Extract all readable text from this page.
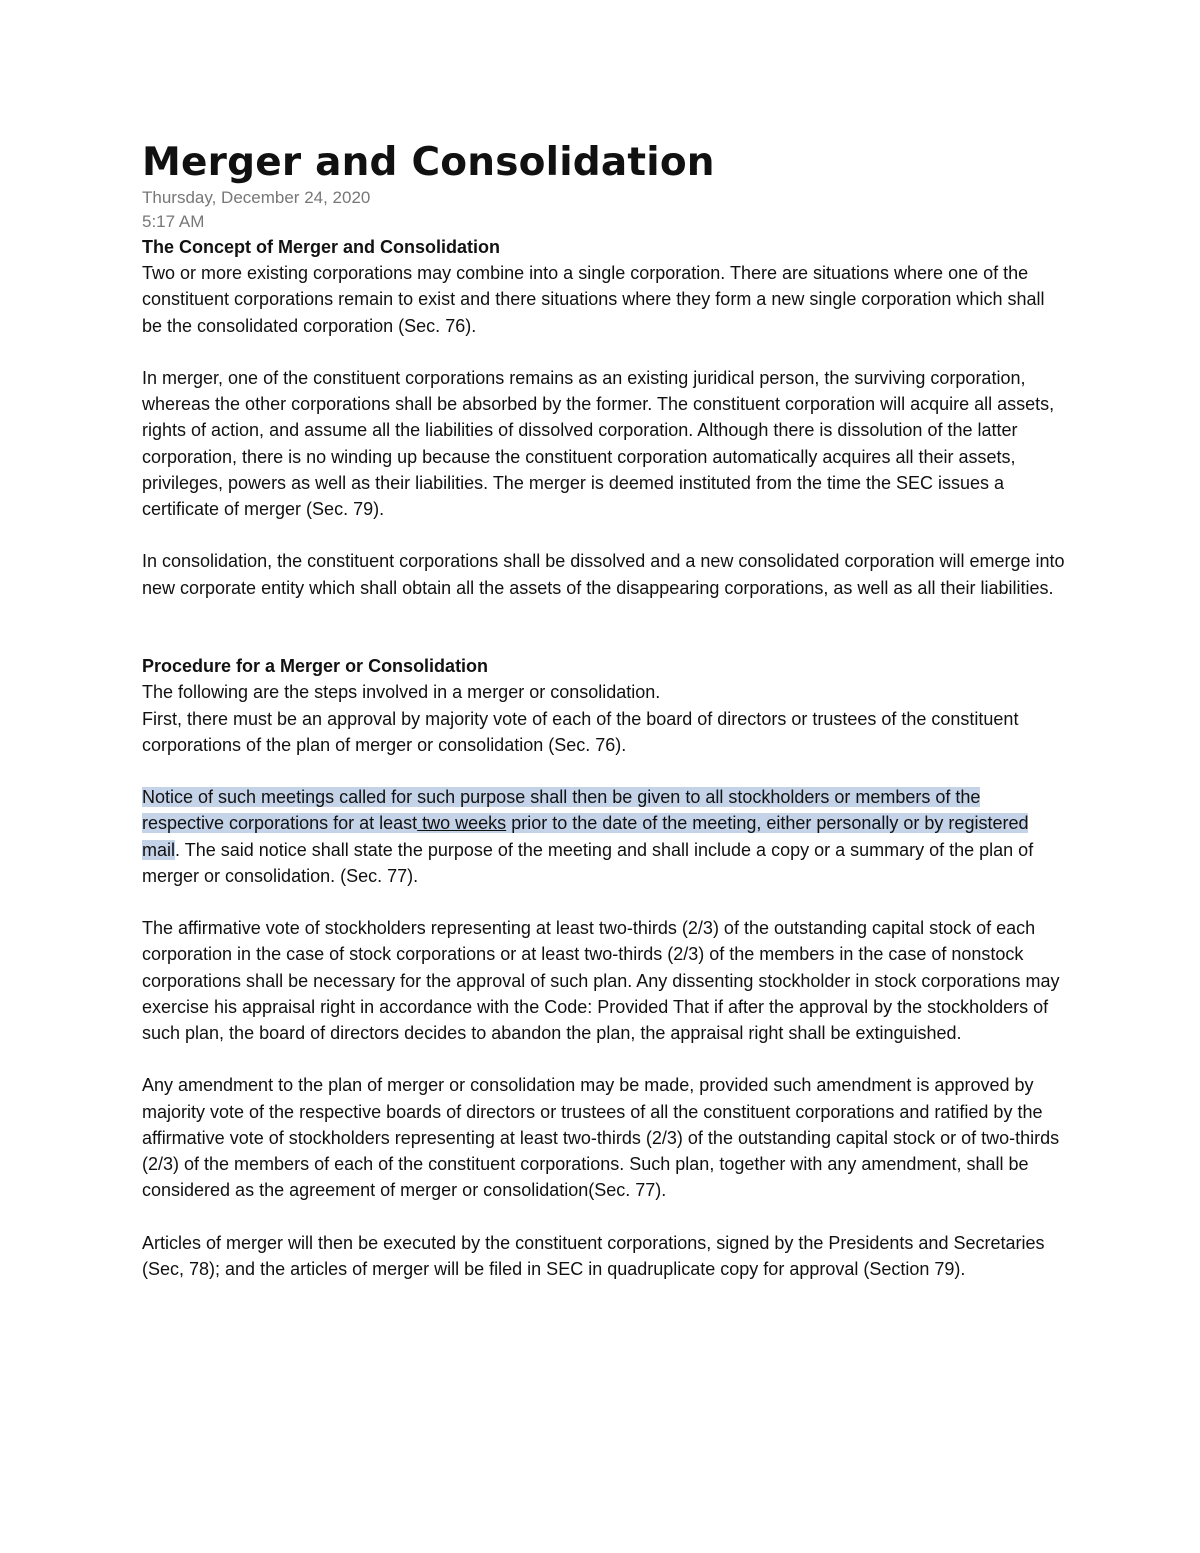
Merger and Consolidation

Thursday, December 24, 2020

5:17 AM

The Concept of Merger and Consolidation

Two or more existing corporations may combine into a single corporation. There are situations where one of the constituent corporations remain to exist and there situations where they form a new single corporation which shall be the consolidated corporation (Sec. 76).

In merger, one of the constituent corporations remains as an existing juridical person, the surviving corporation, whereas the other corporations shall be absorbed by the former. The constituent corporation will acquire all assets, rights of action, and assume all the liabilities of dissolved corporation. Although there is dissolution of the latter corporation, there is no winding up because the constituent corporation automatically acquires all their assets, privileges, powers as well as their liabilities. The merger is deemed instituted from the time the SEC issues a certificate of merger (Sec. 79).

In consolidation, the constituent corporations shall be dissolved and a new consolidated corporation will emerge into new corporate entity which shall obtain all the assets of the disappearing corporations, as well as all their liabilities.

Procedure for a Merger or Consolidation

The following are the steps involved in a merger or consolidation.

First, there must be an approval by majority vote of each of the board of directors or trustees of the constituent corporations of the plan of merger or consolidation (Sec. 76).

Notice of such meetings called for such purpose shall then be given to all stockholders or members of the respective corporations for at least two weeks prior to the date of the meeting, either personally or by registered mail. The said notice shall state the purpose of the meeting and shall include a copy or a summary of the plan of merger or consolidation. (Sec. 77).

The affirmative vote of stockholders representing at least two-thirds (2/3) of the outstanding capital stock of each corporation in the case of stock corporations or at least two-thirds (2/3) of the members in the case of nonstock corporations shall be necessary for the approval of such plan. Any dissenting stockholder in stock corporations may exercise his appraisal right in accordance with the Code: Provided That if after the approval by the stockholders of such plan, the board of directors decides to abandon the plan, the appraisal right shall be extinguished.

Any amendment to the plan of merger or consolidation may be made, provided such amendment is approved by majority vote of the respective boards of directors or trustees of all the constituent corporations and ratified by the affirmative vote of stockholders representing at least two-thirds (2/3) of the outstanding capital stock or of two-thirds (2/3) of the members of each of the constituent corporations. Such plan, together with any amendment, shall be considered as the agreement of merger or consolidation(Sec. 77).

Articles of merger will then be executed by the constituent corporations, signed by the Presidents and Secretaries (Sec, 78); and the articles of merger will be filed in SEC in quadruplicate copy for approval (Section 79).
